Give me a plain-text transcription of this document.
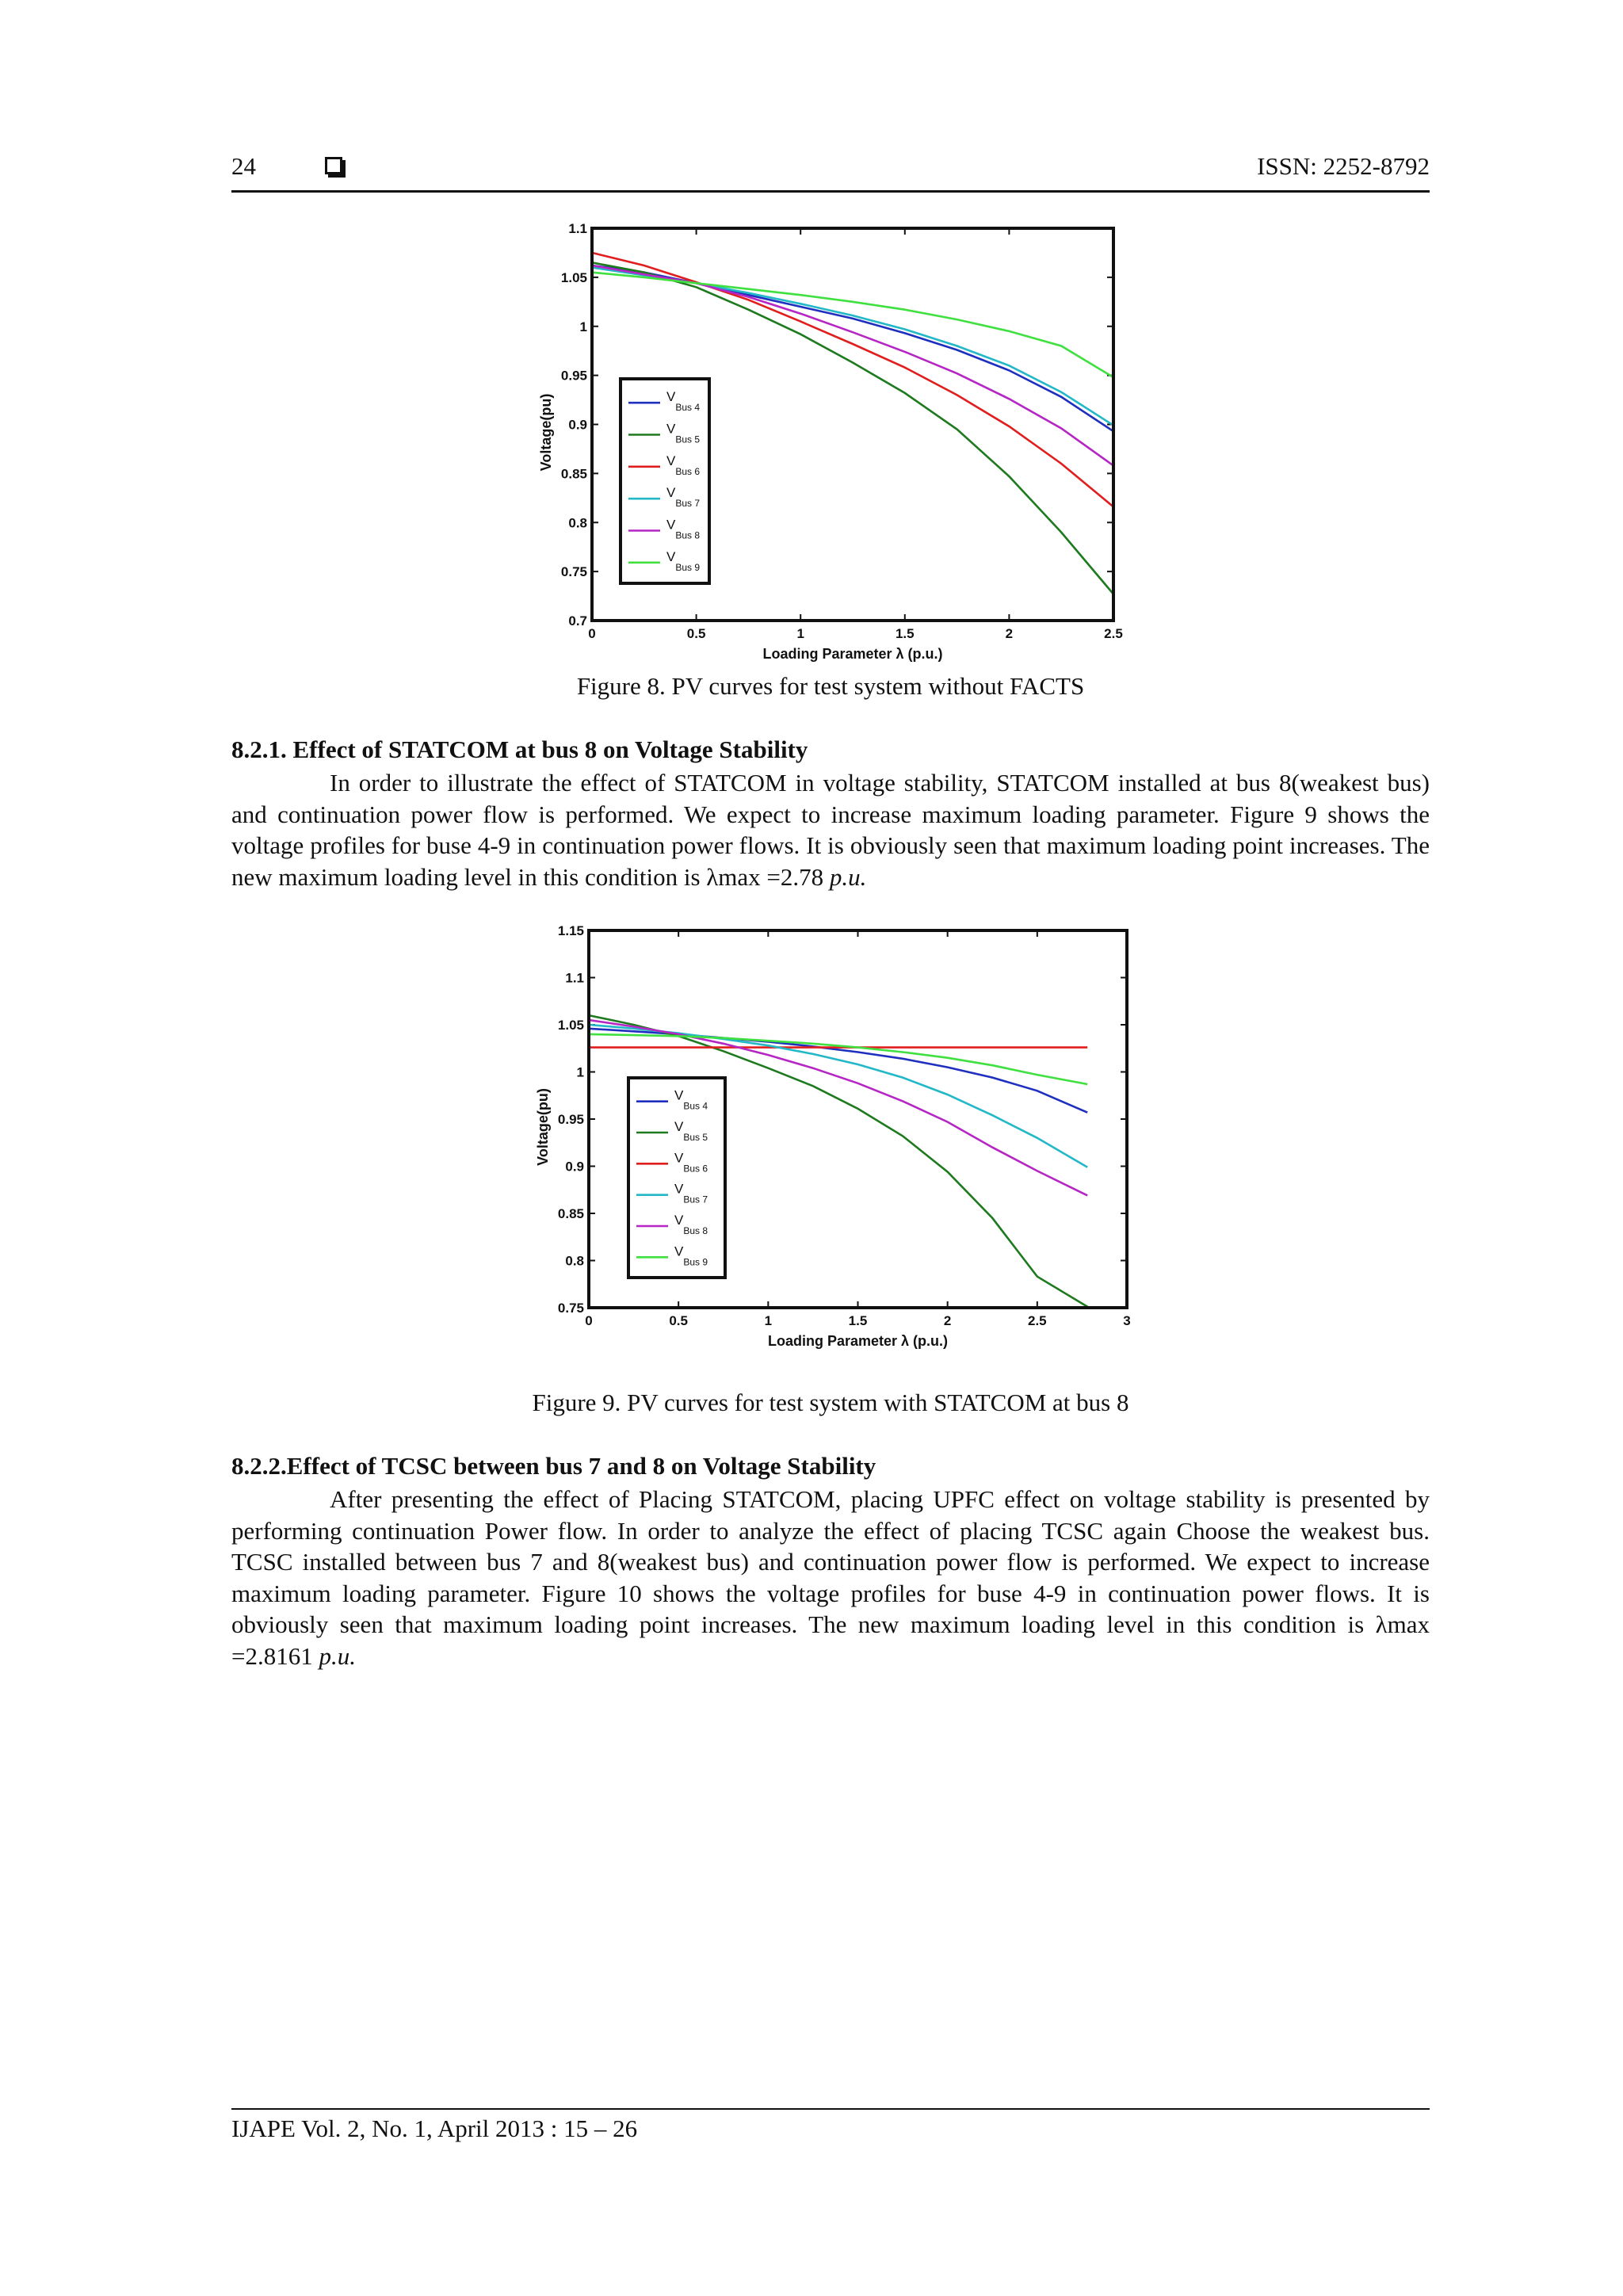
24	ISSN: 2252-8792
0	0.5	1	1.5	2	2.5
0.7
0.75
0.8
0.85
0.9
0.95
1
1.05
1.1
Loading Parameter λ (p.u.)
Voltage(pu)	$V_{Bus 4}$
$V_{Bus 5}$
$V_{Bus 6}$
$V_{Bus 7}$
$V_{Bus 8}$
$V_{Bus 9}$
Figure 8. PV curves for test system without FACTS
8.2.1. Effect of STATCOM at bus 8 on Voltage Stability
In order to illustrate the effect of STATCOM in voltage stability, STATCOM installed at bus 8(weakest bus) and continuation power flow is performed. We expect to increase maximum loading parameter. Figure 9 shows the voltage profiles for buse 4-9 in continuation power flows. It is obviously seen that maximum loading point increases. The new maximum loading level in this condition is λmax =2.78 p.u.
0	0.5	1	1.5	2	2.5	3
0.75
0.8
0.85
0.9
0.95
1
1.05
1.1
1.15
Loading Parameter λ (p.u.)
Voltage(pu)	$V_{Bus 4}$
$V_{Bus 5}$
$V_{Bus 6}$
$V_{Bus 7}$
$V_{Bus 8}$
$V_{Bus 9}$
Figure 9. PV curves for test system with STATCOM at bus 8
8.2.2.Effect of TCSC between bus 7 and 8 on Voltage Stability
After presenting the effect of Placing STATCOM, placing UPFC effect on voltage stability is presented by performing continuation Power flow. In order to analyze the effect of placing TCSC again Choose the weakest bus. TCSC installed between bus 7 and 8(weakest bus) and continuation power flow is performed. We expect to increase maximum loading parameter. Figure 10 shows the voltage profiles for buse 4-9 in continuation power flows. It is obviously seen that maximum loading point increases. The new maximum loading level in this condition is λmax =2.8161 p.u.
IJAPE Vol. 2, No. 1, April 2013 : 15 – 26
